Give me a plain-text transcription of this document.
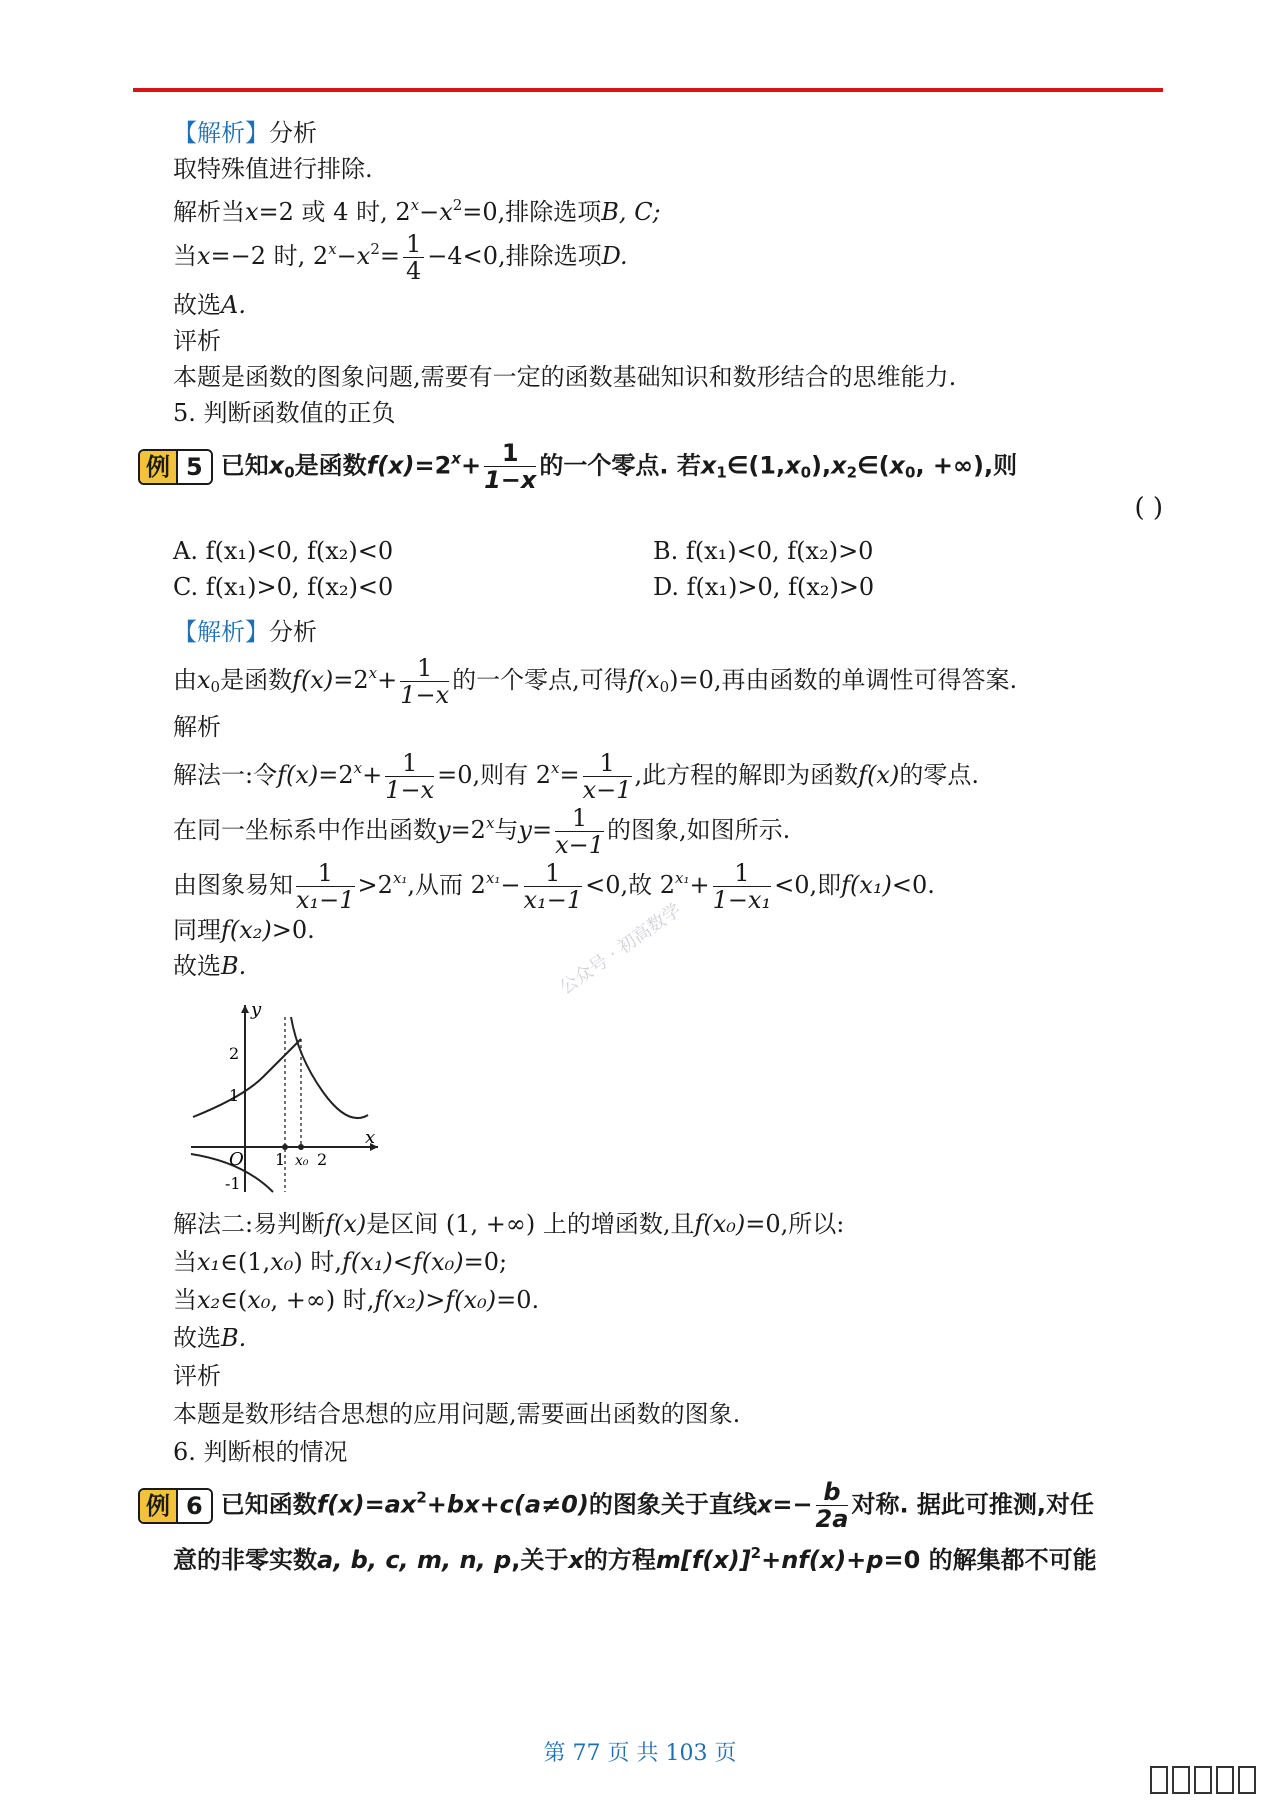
【解析】分析

取特殊值进行排除.

解析当x=2 或 4 时, $2^x-x^2=0$,排除选项B, C;

当x=−2 时, $2^x-x^2= \frac{1}{4} -4<0$,排除选项D.

故选A.

评析

本题是函数的图象问题,需要有一定的函数基础知识和数形结合的思维能力.

5. 判断函数值的正负

例 5 已知$x_0$是函数$f(x)=2^x+ \frac{1}{1-x}$ 的一个零点. 若$x_1\in(1,x_0),x_2\in(x_0$, +∞),则

( )
A. f(x₁)<0, f(x₂)<0	B. f(x₁)<0, f(x₂)>0
C. f(x₁)>0, f(x₂)<0	D. f(x₁)>0, f(x₂)>0

【解析】分析

由$x_0$是函数$f(x)=2^x+ \frac{1}{1-x}$ 的一个零点,可得$f(x_0)=0$,再由函数的单调性可得答案.

解析

解法一:令$f(x)=2^x+ \frac{1}{1-x} =0$,则有 $2^x= \frac{1}{x-1}$ ,此方程的解即为函数f(x)的零点.

在同一坐标系中作出函数$y=2^x$与$y= \frac{1}{x-1}$ 的图象,如图所示.

由图象易知 $\frac{1}{\text{x₁−1}} >2^{x_1}$,从而 $2^{x_1}- \frac{1}{\text{x₁−1}} <0$,故 $2^{x_1}+ \frac{1}{\text{1−x₁}} <0$,即f(x₁)<0.

同理f(x₂)>0.

故选B.

y
x
O
2
1
-1
1 x₀ 2

解法二:易判断f(x)是区间 (1, +∞) 上的增函数,且f(x₀)=0,所以:

当x₁∈(1,x₀) 时,f(x₁)<f(x₀)=0;

当x₂∈(x₀, +∞) 时,f(x₂)>f(x₀)=0.

故选B.

评析

本题是数形结合思想的应用问题,需要画出函数的图象.

6. 判断根的情况

例 6 已知函数$f(x)=ax^2+bx+c(a\ne 0)$的图象关于直线$x=- \frac{b}{2a}$ 对称. 据此可推测,对任

意的非零实数a, b, c, m, n, p,关于x的方程$m[f(x)]^2+nf(x)+p=0$ 的解集都不可能

公众号 · 初高数学
第 77 页 共 103 页
